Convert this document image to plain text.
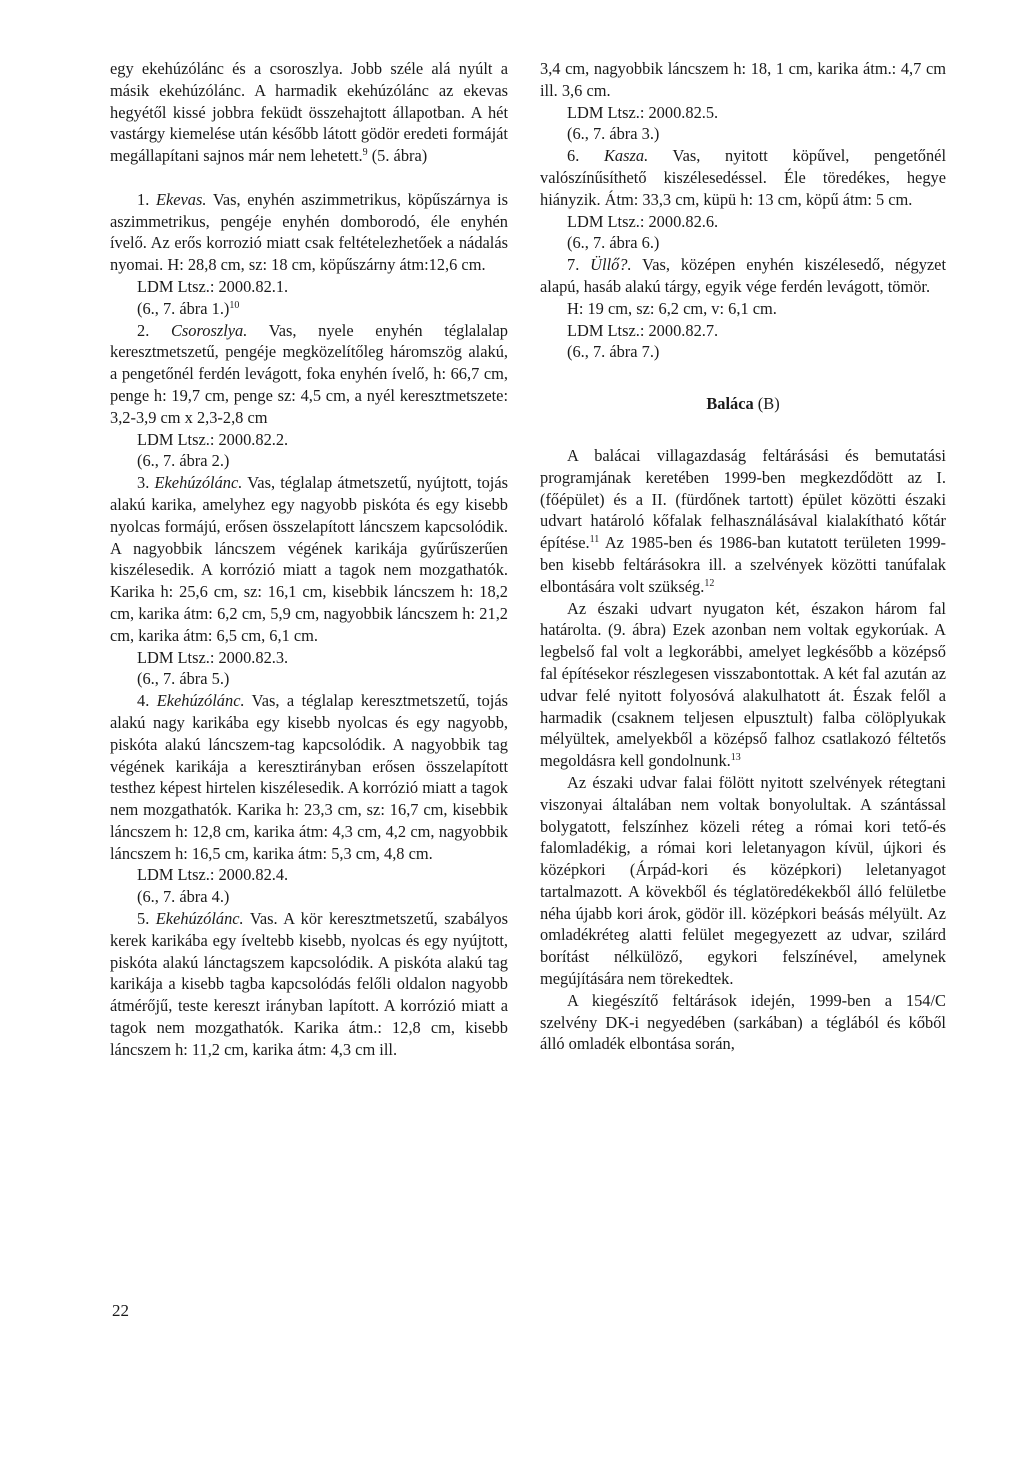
egy ekehúzólánc és a csoroszlya. Jobb széle alá nyúlt a másik ekehúzólánc. A harmadik ekehúzólánc az ekevas hegyétől kissé jobbra feküdt összehajtott állapotban. A hét vastárgy kiemelése után később látott gödör eredeti formáját megállapítani sajnos már nem lehetett.$^9$ (5. ábra)

1. Ekevas. Vas, enyhén aszimmetrikus, köpűszárnya is aszimmetrikus, pengéje enyhén domborodó, éle enyhén ívelő. Az erős korrozió miatt csak feltételezhetőek a nádalás nyomai. H: 28,8 cm, sz: 18 cm, köpűszárny átm:12,6 cm.

LDM Ltsz.: 2000.82.1.

(6., 7. ábra 1.)$^{10}$

2. Csoroszlya. Vas, nyele enyhén téglalalap keresztmetszetű, pengéje megközelítőleg háromszög alakú, a pengetőnél ferdén levágott, foka enyhén ívelő, h: 66,7 cm, penge h: 19,7 cm, penge sz: 4,5 cm, a nyél keresztmetszete: 3,2-3,9 cm x 2,3-2,8 cm

LDM Ltsz.: 2000.82.2.

(6., 7. ábra 2.)

3. Ekehúzólánc. Vas, téglalap átmetszetű, nyújtott, tojás alakú karika, amelyhez egy nagyobb piskóta és egy kisebb nyolcas formájú, erősen összelapított láncszem kapcsolódik. A nagyobbik láncszem végének karikája gyűrűszerűen kiszélesedik. A korrózió miatt a tagok nem mozgathatók. Karika h: 25,6 cm, sz: 16,1 cm, kisebbik láncszem h: 18,2 cm, karika átm: 6,2 cm, 5,9 cm, nagyobbik láncszem h: 21,2 cm, karika átm: 6,5 cm, 6,1 cm.

LDM Ltsz.: 2000.82.3.

(6., 7. ábra 5.)

4. Ekehúzólánc. Vas, a téglalap keresztmetszetű, tojás alakú nagy karikába egy kisebb nyolcas és egy nagyobb, piskóta alakú láncszem-tag kapcsolódik. A nagyobbik tag végének karikája a keresztirányban erősen összelapított testhez képest hirtelen kiszélesedik. A korrózió miatt a tagok nem mozgathatók. Karika h: 23,3 cm, sz: 16,7 cm, kisebbik láncszem h: 12,8 cm, karika átm: 4,3 cm, 4,2 cm, nagyobbik láncszem h: 16,5 cm, karika átm: 5,3 cm, 4,8 cm.

LDM Ltsz.: 2000.82.4.

(6., 7. ábra 4.)

5. Ekehúzólánc. Vas. A kör keresztmetszetű, szabályos kerek karikába egy íveltebb kisebb, nyolcas és egy nyújtott, piskóta alakú lánctagszem kapcsolódik. A piskóta alakú tag karikája a kisebb tagba kapcsolódás felőli oldalon nagyobb átmérőjű, teste kereszt irányban lapított. A korrózió miatt a tagok nem mozgathatók. Karika átm.: 12,8 cm, kisebb láncszem h: 11,2 cm, karika átm: 4,3 cm ill.

3,4 cm, nagyobbik láncszem h: 18, 1 cm, karika átm.: 4,7 cm ill. 3,6 cm.

LDM Ltsz.: 2000.82.5.

(6., 7. ábra 3.)

6. Kasza. Vas, nyitott köpűvel, pengetőnél valószínűsíthető kiszélesedéssel. Éle töredékes, hegye hiányzik. Átm: 33,3 cm, küpü h: 13 cm, köpű átm: 5 cm.

LDM Ltsz.: 2000.82.6.

(6., 7. ábra 6.)

7. Üllő?. Vas, középen enyhén kiszélesedő, négyzet alapú, hasáb alakú tárgy, egyik vége ferdén levágott, tömör.

H: 19 cm, sz: 6,2 cm, v: 6,1 cm.

LDM Ltsz.: 2000.82.7.

(6., 7. ábra 7.)

Baláca (B)

A balácai villagazdaság feltárásási és bemutatási programjának keretében 1999-ben megkezdődött az I. (főépület) és a II. (fürdőnek tartott) épület közötti északi udvart határoló kőfalak felhasználásával kialakítható kőtár építése.$^{11}$ Az 1985-ben és 1986-ban kutatott területen 1999-ben kisebb feltárásokra ill. a szelvények közötti tanúfalak elbontására volt szükség.$^{12}$

Az északi udvart nyugaton két, északon három fal határolta. (9. ábra) Ezek azonban nem voltak egykorúak. A legbelső fal volt a legkorábbi, amelyet legkésőbb a középső fal építésekor részlegesen visszabontottak. A két fal azután az udvar felé nyitott folyosóvá alakulhatott át. Észak felől a harmadik (csaknem teljesen elpusztult) falba cölöplyukak mélyültek, amelyekből a középső falhoz csatlakozó féltetős megoldásra kell gondolnunk.$^{13}$

Az északi udvar falai fölött nyitott szelvények rétegtani viszonyai általában nem voltak bonyolultak. A szántással bolygatott, felszínhez közeli réteg a római kori tető-és falomladékig, a római kori leletanyagon kívül, újkori és középkori (Árpád-kori és középkori) leletanyagot tartalmazott. A kövekből és téglatöredékekből álló felületbe néha újabb kori árok, gödör ill. középkori beásás mélyült. Az omladékréteg alatti felület megegyezett az udvar, szilárd borítást nélkülöző, egykori felszínével, amelynek megújítására nem törekedtek.

A kiegészítő feltárások idején, 1999-ben a 154/C szelvény DK-i negyedében (sarkában) a téglából és kőből álló omladék elbontása során,

22
